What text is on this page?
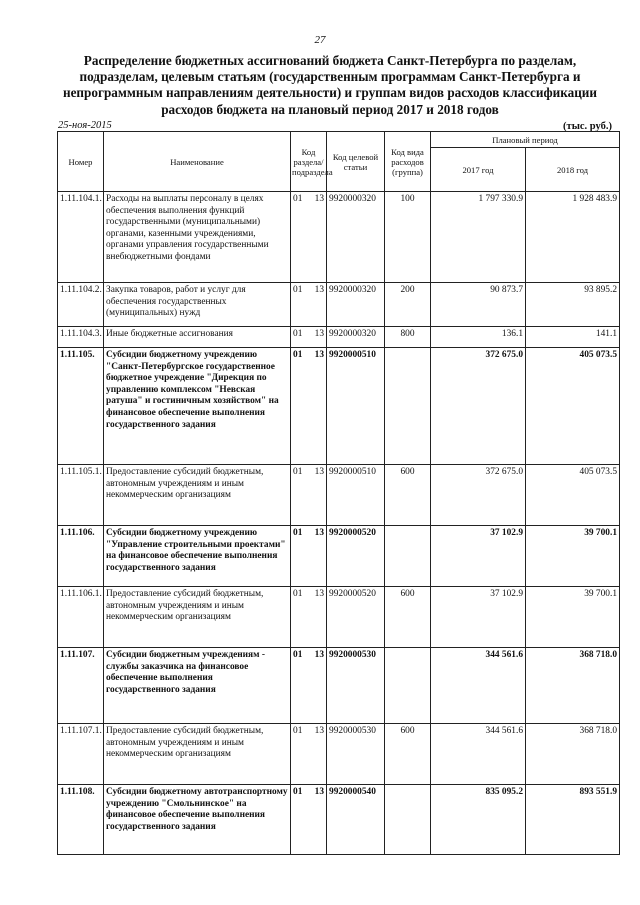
27
Распределение бюджетных ассигнований бюджета Санкт-Петербурга по разделам, подразделам, целевым статьям (государственным программам Санкт-Петербурга и непрограммным направлениям деятельности) и группам видов расходов классификации расходов бюджета на плановый период 2017 и 2018 годов
25-ноя-2015	(тыс. руб.)
Номер	Наименование	Код раздела/ подраздела	Код целевой статьи	Код вида расходов (группа)	Плановый период	
					2017 год	2018 год
1.11.104.1.	Расходы на выплаты персоналу в целях обеспечения выполнения функций государственными (муниципальными) органами, казенными учреждениями, органами управления государственными внебюджетными фондами	01 13	9920000320	100	1 797 330.9	1 928 483.9
1.11.104.2.	Закупка товаров, работ и услуг для обеспечения государственных (муниципальных) нужд	01 13	9920000320	200	90 873.7	93 895.2
1.11.104.3.	Иные бюджетные ассигнования	01 13	9920000320	800	136.1	141.1
1.11.105.	Субсидии бюджетному учреждению "Санкт-Петербургское государственное бюджетное учреждение "Дирекция по управлению комплексом "Невская ратуша" и гостиничным хозяйством" на финансовое обеспечение выполнения государственного задания	01 13	9920000510		372 675.0	405 073.5
1.11.105.1.	Предоставление субсидий бюджетным, автономным учреждениям и иным некоммерческим организациям	01 13	9920000510	600	372 675.0	405 073.5
1.11.106.	Субсидии бюджетному учреждению "Управление строительными проектами" на финансовое обеспечение выполнения государственного задания	01 13	9920000520		37 102.9	39 700.1
1.11.106.1.	Предоставление субсидий бюджетным, автономным учреждениям и иным некоммерческим организациям	01 13	9920000520	600	37 102.9	39 700.1
1.11.107.	Субсидии бюджетным учреждениям - службы заказчика на финансовое обеспечение выполнения государственного задания	01 13	9920000530		344 561.6	368 718.0
1.11.107.1.	Предоставление субсидий бюджетным, автономным учреждениям и иным некоммерческим организациям	01 13	9920000530	600	344 561.6	368 718.0
1.11.108.	Субсидии бюджетному автотранспортному учреждению "Смольнинское" на финансовое обеспечение выполнения государственного задания	01 13	9920000540		835 095.2	893 551.9
